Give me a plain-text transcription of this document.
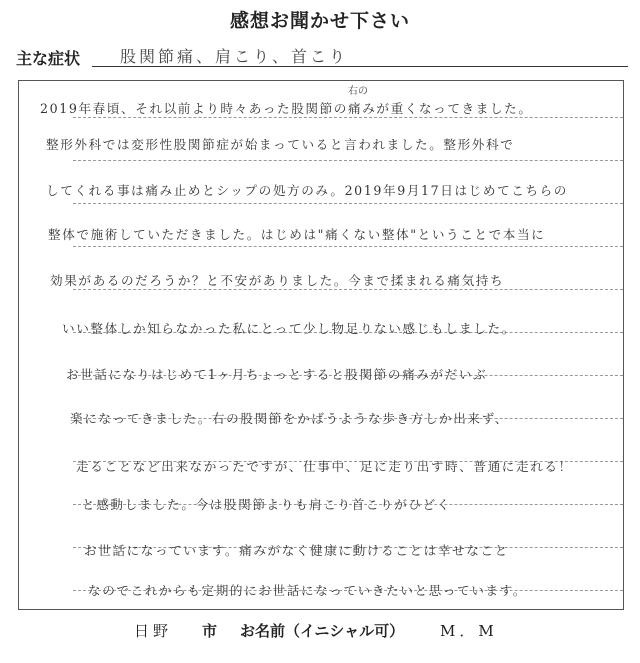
感想お聞かせ下さい
主な症状 股関節痛、肩こり、首こり
右の
2019年春頃、それ以前より時々あった股関節の痛みが重くなってきました。
整形外科では変形性股関節症が始まっていると言われました。整形外科で
してくれる事は痛み止めとシップの処方のみ。2019年9月17日はじめてこちらの
整体で施術していただきました。はじめは"痛くない整体"ということで本当に
効果があるのだろうか？と不安がありました。今まで揉まれる痛気持ち
いい整体しか知らなかった私にとって少し物足りない感じもしました。
お世話になりはじめて1ヶ月ちょっとすると股関節の痛みがだいぶ
楽になってきました。右の股関節をかばうような歩き方しか出来ず、
走ることなど出来なかったですが、仕事中、足に走り出す時、普通に走れる！
と感動しました。今は股関節よりも肩こり首こりがひどく
お世話になっています。痛みがなく健康に動けることは幸せなこと
なのでこれからも定期的にお世話になっていきたいと思っています。
日野 市 お名前（イニシャル可） M．M
